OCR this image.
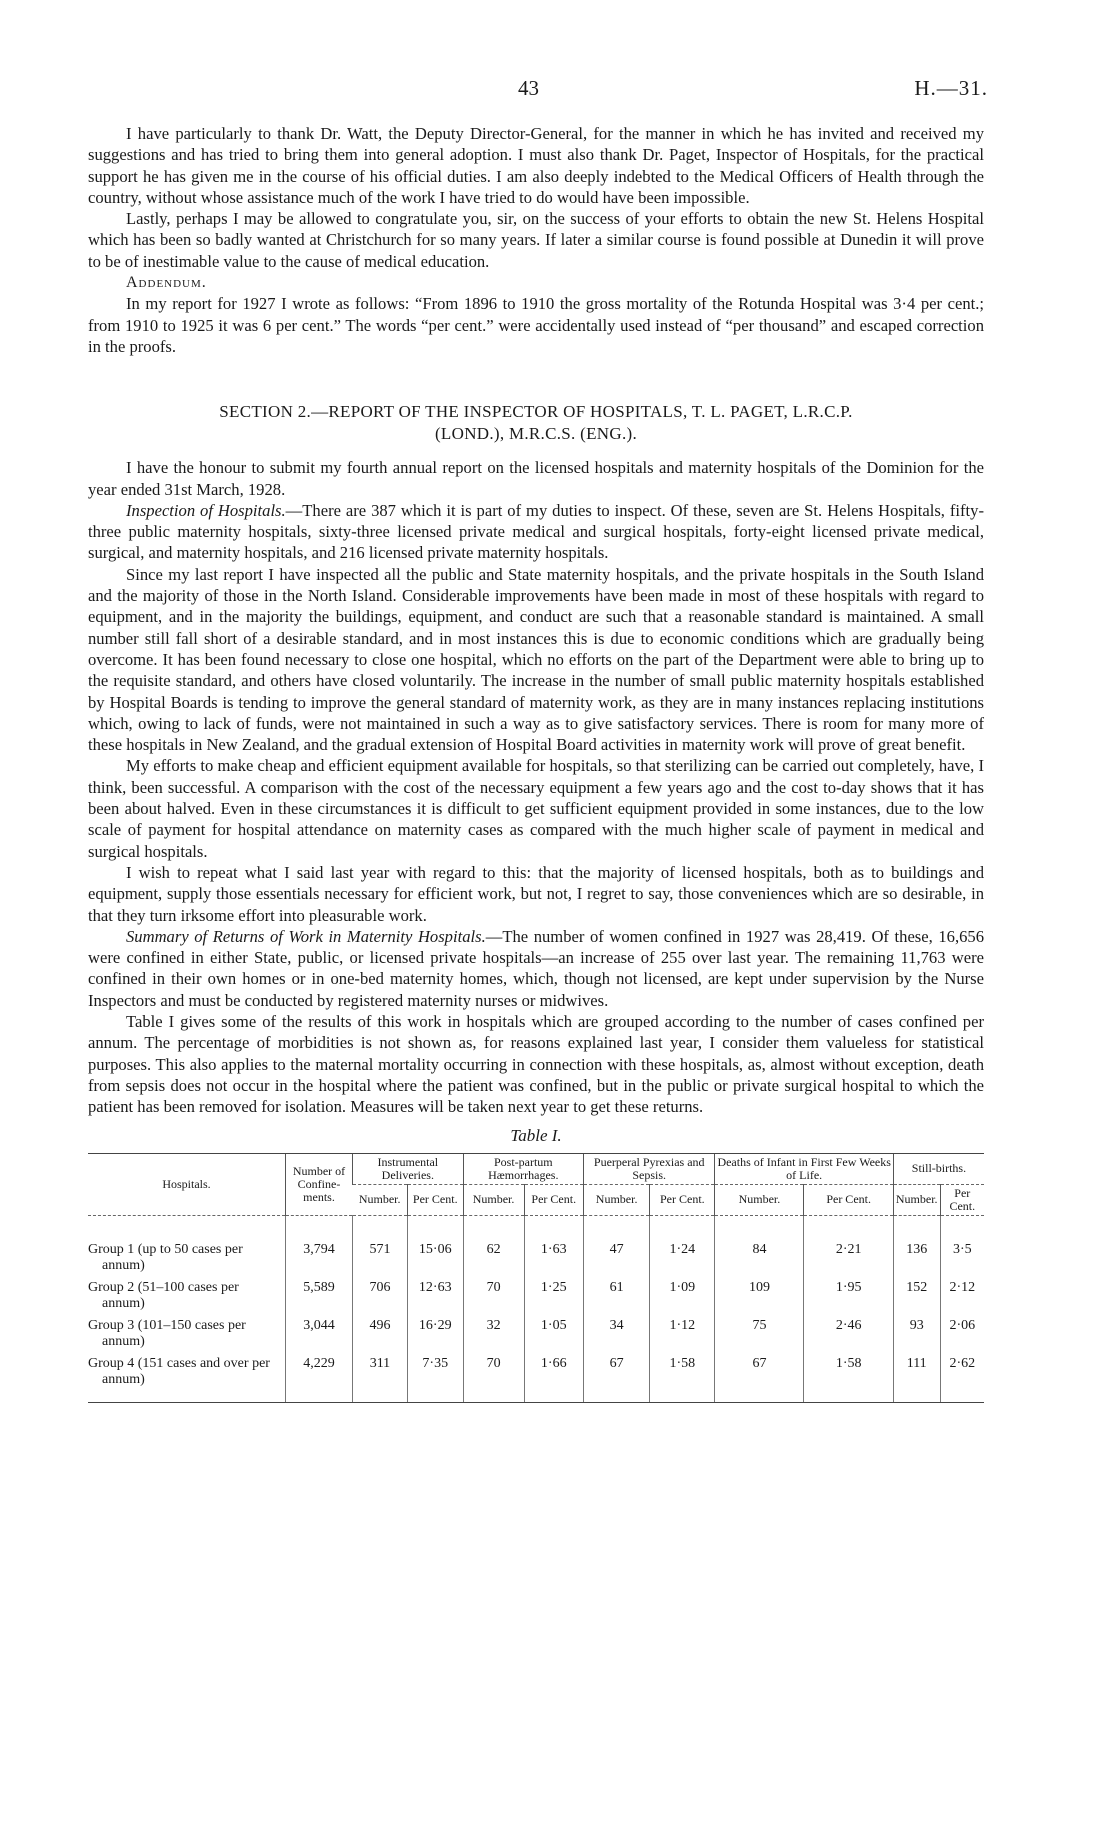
43	H.—31.

I have particularly to thank Dr. Watt, the Deputy Director-General, for the manner in which he has invited and received my suggestions and has tried to bring them into general adoption. I must also thank Dr. Paget, Inspector of Hospitals, for the practical support he has given me in the course of his official duties. I am also deeply indebted to the Medical Officers of Health through the country, without whose assistance much of the work I have tried to do would have been impossible.

Lastly, perhaps I may be allowed to congratulate you, sir, on the success of your efforts to obtain the new St. Helens Hospital which has been so badly wanted at Christchurch for so many years. If later a similar course is found possible at Dunedin it will prove to be of inestimable value to the cause of medical education.

Addendum.

In my report for 1927 I wrote as follows: “From 1896 to 1910 the gross mortality of the Rotunda Hospital was 3·4 per cent.; from 1910 to 1925 it was 6 per cent.” The words “per cent.” were accidentally used instead of “per thousand” and escaped correction in the proofs.

SECTION 2.—REPORT OF THE INSPECTOR OF HOSPITALS, T. L. PAGET, L.R.C.P.
(LOND.), M.R.C.S. (ENG.).

I have the honour to submit my fourth annual report on the licensed hospitals and maternity hospitals of the Dominion for the year ended 31st March, 1928.

Inspection of Hospitals.—There are 387 which it is part of my duties to inspect. Of these, seven are St. Helens Hospitals, fifty-three public maternity hospitals, sixty-three licensed private medical and surgical hospitals, forty-eight licensed private medical, surgical, and maternity hospitals, and 216 licensed private maternity hospitals.

Since my last report I have inspected all the public and State maternity hospitals, and the private hospitals in the South Island and the majority of those in the North Island. Considerable improvements have been made in most of these hospitals with regard to equipment, and in the majority the buildings, equipment, and conduct are such that a reasonable standard is maintained. A small number still fall short of a desirable standard, and in most instances this is due to economic conditions which are gradually being overcome. It has been found necessary to close one hospital, which no efforts on the part of the Department were able to bring up to the requisite standard, and others have closed voluntarily. The increase in the number of small public maternity hospitals established by Hospital Boards is tending to improve the general standard of maternity work, as they are in many instances replacing institutions which, owing to lack of funds, were not maintained in such a way as to give satisfactory services. There is room for many more of these hospitals in New Zealand, and the gradual extension of Hospital Board activities in maternity work will prove of great benefit.

My efforts to make cheap and efficient equipment available for hospitals, so that sterilizing can be carried out completely, have, I think, been successful. A comparison with the cost of the necessary equipment a few years ago and the cost to-day shows that it has been about halved. Even in these circumstances it is difficult to get sufficient equipment provided in some instances, due to the low scale of payment for hospital attendance on maternity cases as compared with the much higher scale of payment in medical and surgical hospitals.

I wish to repeat what I said last year with regard to this: that the majority of licensed hospitals, both as to buildings and equipment, supply those essentials necessary for efficient work, but not, I regret to say, those conveniences which are so desirable, in that they turn irksome effort into pleasurable work.

Summary of Returns of Work in Maternity Hospitals.—The number of women confined in 1927 was 28,419. Of these, 16,656 were confined in either State, public, or licensed private hospitals—an increase of 255 over last year. The remaining 11,763 were confined in their own homes or in one-bed maternity homes, which, though not licensed, are kept under supervision by the Nurse Inspectors and must be conducted by registered maternity nurses or midwives.

Table I gives some of the results of this work in hospitals which are grouped according to the number of cases confined per annum. The percentage of morbidities is not shown as, for reasons explained last year, I consider them valueless for statistical purposes. This also applies to the maternal mortality occurring in connection with these hospitals, as, almost without exception, death from sepsis does not occur in the hospital where the patient was confined, but in the public or private surgical hospital to which the patient has been removed for isolation. Measures will be taken next year to get these returns.

Table I.
Hospitals.	Number of Confine-ments.	Instrumental Deliveries.		Post-partum Hæmorrhages.		Puerperal Pyrexias and Sepsis.		Deaths of Infant in First Few Weeks of Life.		Still-births.	
		Number.	Per Cent.	Number.	Per Cent.	Number.	Per Cent.	Number.	Per Cent.	Number.	Per Cent.

Group 1 (up to 50 cases per annum)	3,794	571	15·06	62	1·63	47	1·24	84	2·21	136	3·5

Group 2 (51–100 cases per annum)	5,589	706	12·63	70	1·25	61	1·09	109	1·95	152	2·12

Group 3 (101–150 cases per annum)	3,044	496	16·29	32	1·05	34	1·12	75	2·46	93	2·06

Group 4 (151 cases and over per annum)	4,229	311	7·35	70	1·66	67	1·58	67	1·58	111	2·62
